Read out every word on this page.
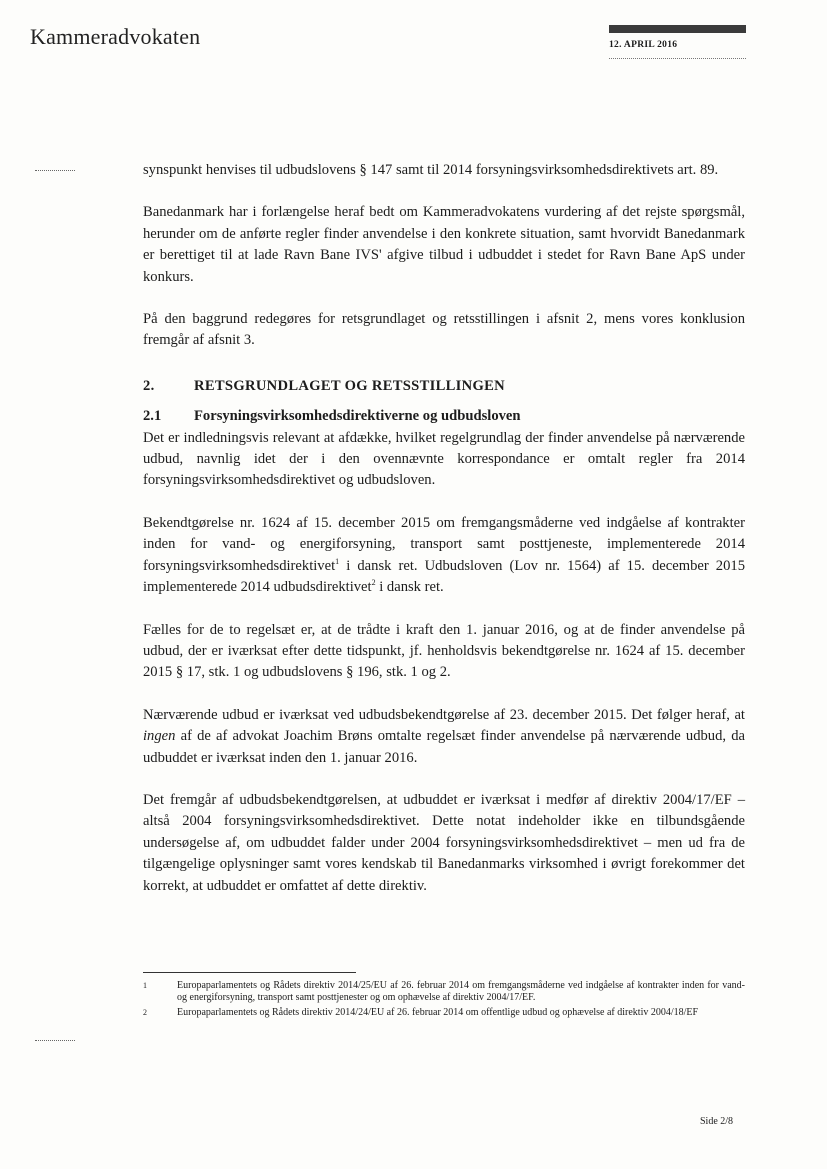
Kammeradvokaten	12. APRIL 2016

synspunkt henvises til udbudslovens § 147 samt til 2014 forsyningsvirksomhedsdirektivets art. 89.

Banedanmark har i forlængelse heraf bedt om Kammeradvokatens vurdering af det rejste spørgsmål, herunder om de anførte regler finder anvendelse i den konkrete situation, samt hvorvidt Banedanmark er berettiget til at lade Ravn Bane IVS' afgive tilbud i udbuddet i stedet for Ravn Bane ApS under konkurs.

På den baggrund redegøres for retsgrundlaget og retsstillingen i afsnit 2, mens vores konklusion fremgår af afsnit 3.

2.	RETSGRUNDLAGET OG RETSSTILLINGEN
2.1 Forsyningsvirksomhedsdirektiverne og udbudsloven

Det er indledningsvis relevant at afdække, hvilket regelgrundlag der finder anvendelse på nærværende udbud, navnlig idet der i den ovennævnte korrespondance er omtalt regler fra 2014 forsyningsvirksomhedsdirektivet og udbudsloven.

Bekendtgørelse nr. 1624 af 15. december 2015 om fremgangsmåderne ved indgåelse af kontrakter inden for vand- og energiforsyning, transport samt posttjeneste, implementerede 2014 forsyningsvirksomhedsdirektivet$^1$ i dansk ret. Udbudsloven (Lov nr. 1564) af 15. december 2015 implementerede 2014 udbudsdirektivet$^2$ i dansk ret.

Fælles for de to regelsæt er, at de trådte i kraft den 1. januar 2016, og at de finder anvendelse på udbud, der er iværksat efter dette tidspunkt, jf. henholdsvis bekendtgørelse nr. 1624 af 15. december 2015 § 17, stk. 1 og udbudslovens § 196, stk. 1 og 2.

Nærværende udbud er iværksat ved udbudsbekendtgørelse af 23. december 2015. Det følger heraf, at ingen af de af advokat Joachim Brøns omtalte regelsæt finder anvendelse på nærværende udbud, da udbuddet er iværksat inden den 1. januar 2016.

Det fremgår af udbudsbekendtgørelsen, at udbuddet er iværksat i medfør af direktiv 2004/17/EF – altså 2004 forsyningsvirksomhedsdirektivet. Dette notat indeholder ikke en tilbundsgående undersøgelse af, om udbuddet falder under 2004 forsyningsvirksomhedsdirektivet – men ud fra de tilgængelige oplysninger samt vores kendskab til Banedanmarks virksomhed i øvrigt forekommer det korrekt, at udbuddet er omfattet af dette direktiv.

1	Europaparlamentets og Rådets direktiv 2014/25/EU af 26. februar 2014 om fremgangsmåderne ved indgåelse af kontrakter inden for vand- og energiforsyning, transport samt posttjenester og om ophævelse af direktiv 2004/17/EF.
2	Europaparlamentets og Rådets direktiv 2014/24/EU af 26. februar 2014 om offentlige udbud og ophævelse af direktiv 2004/18/EF
Side 2/8
